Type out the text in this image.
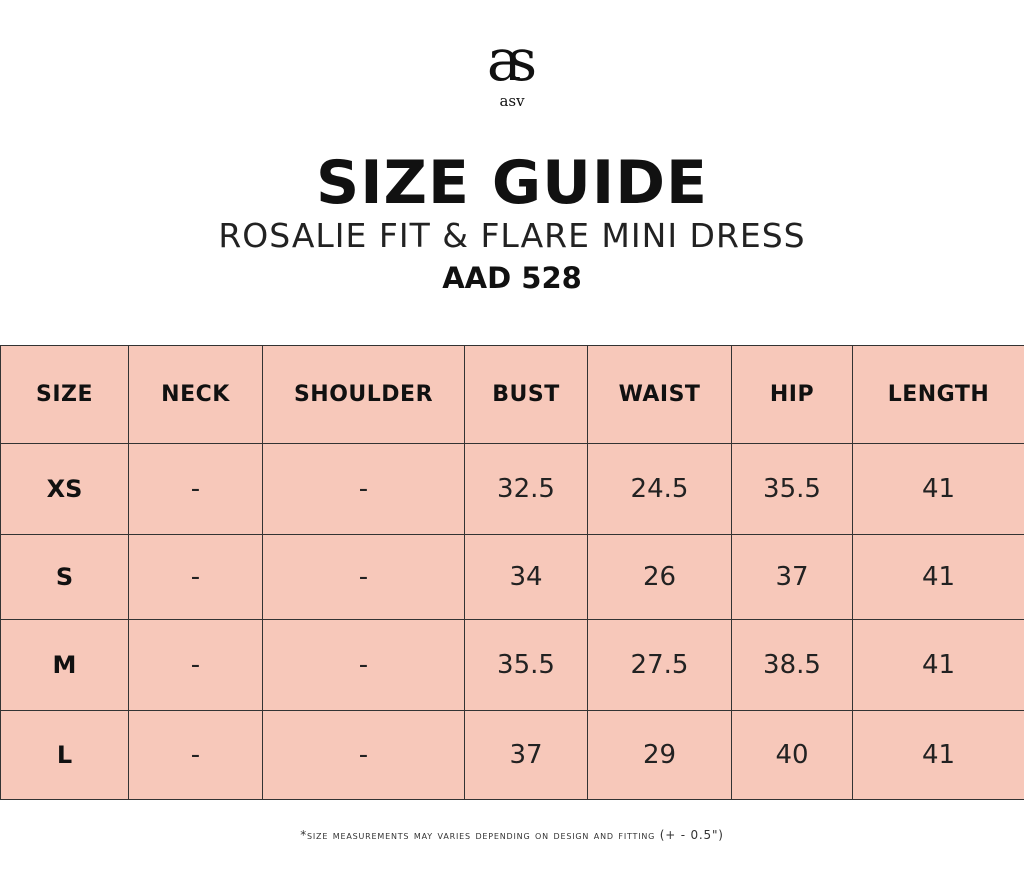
as
asv
SIZE GUIDE
ROSALIE FIT & FLARE MINI DRESS
AAD 528
SIZE	NECK	SHOULDER	BUST	WAIST	HIP	LENGTH
XS	-	-	32.5	24.5	35.5	41
S	-	-	34	26	37	41
M	-	-	35.5	27.5	38.5	41
L	-	-	37	29	40	41
*size measurements may varies depending on design and fitting (+ - 0.5")
